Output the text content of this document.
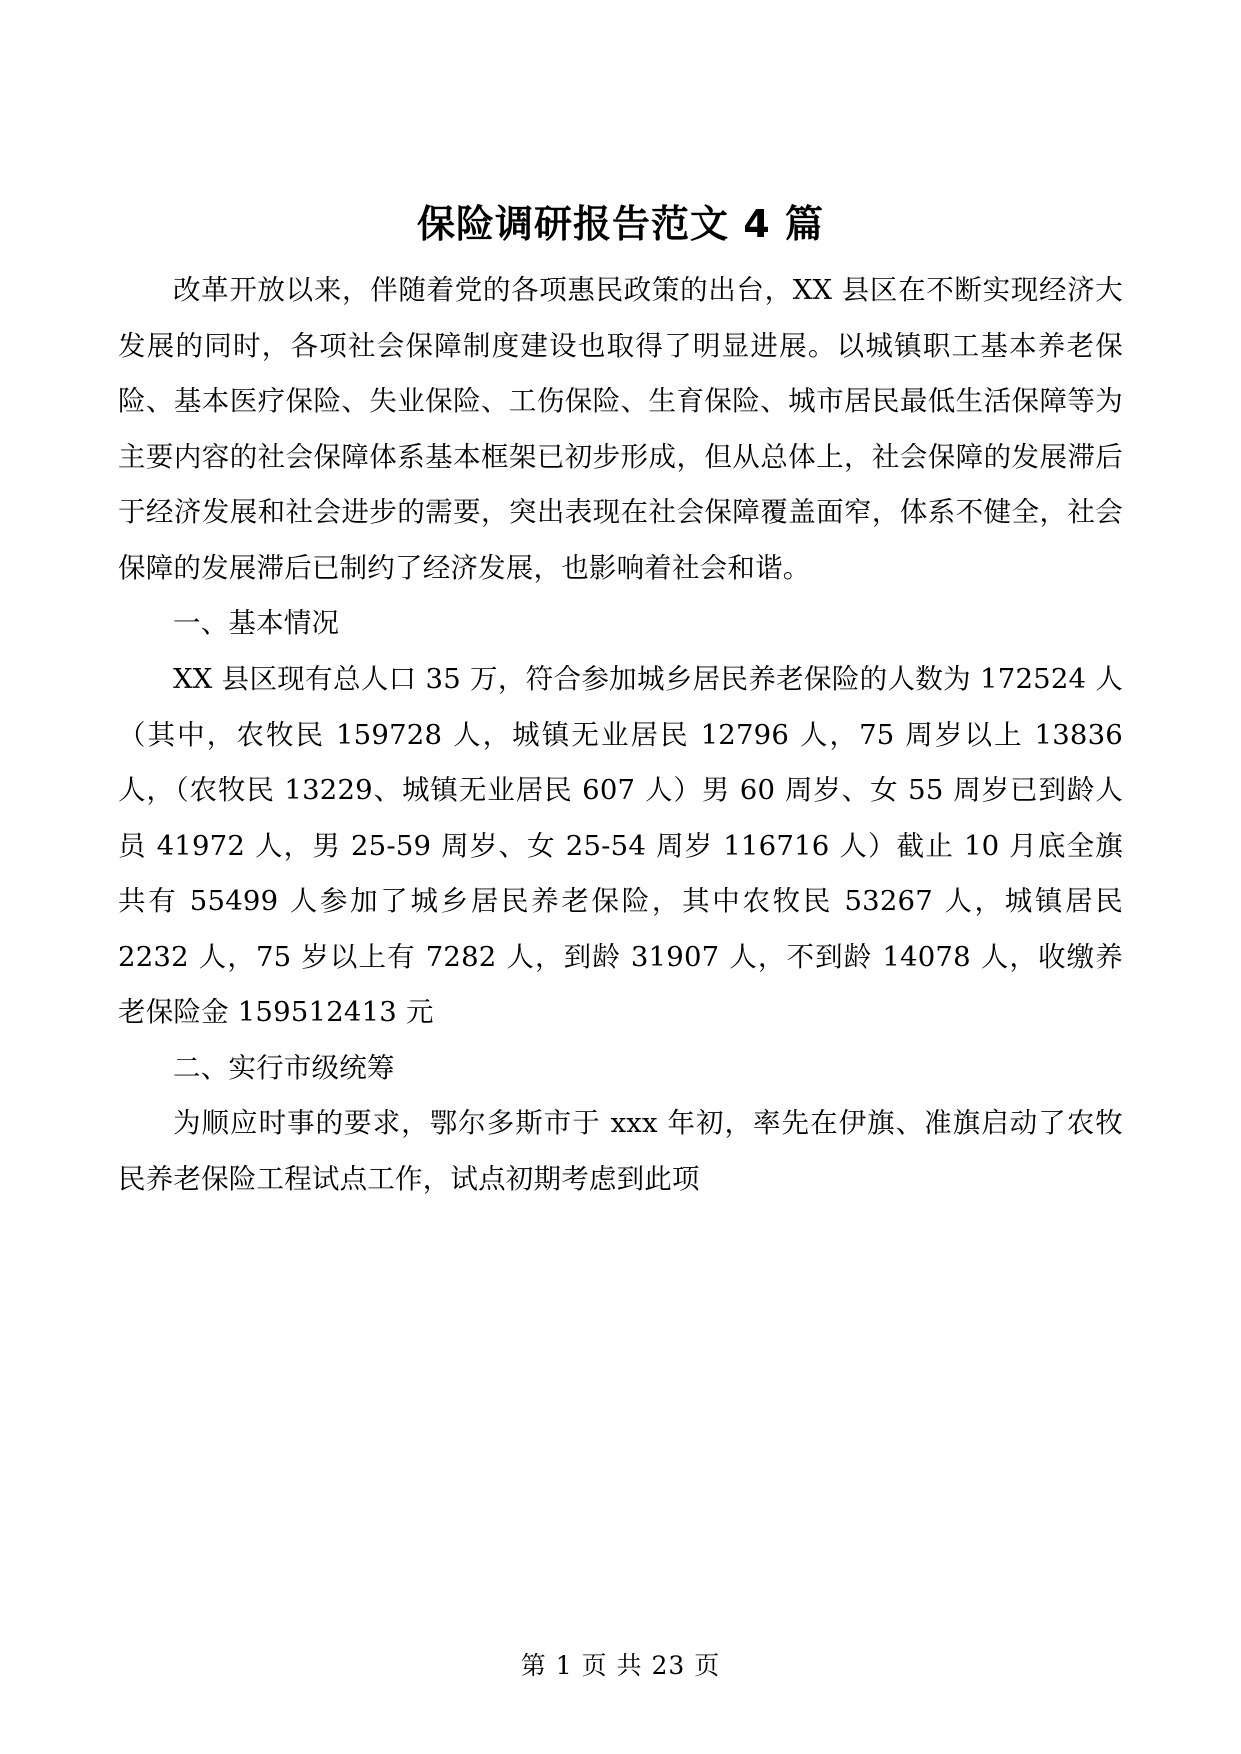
保险调研报告范文 4 篇

改革开放以来，伴随着党的各项惠民政策的出台，XX 县区在不断实现经济大发展的同时，各项社会保障制度建设也取得了明显进展。以城镇职工基本养老保险、基本医疗保险、失业保险、工伤保险、生育保险、城市居民最低生活保障等为主要内容的社会保障体系基本框架已初步形成，但从总体上，社会保障的发展滞后于经济发展和社会进步的需要，突出表现在社会保障覆盖面窄，体系不健全，社会保障的发展滞后已制约了经济发展，也影响着社会和谐。

一、基本情况

XX 县区现有总人口 35 万，符合参加城乡居民养老保险的人数为 172524 人（其中，农牧民 159728 人，城镇无业居民 12796 人，75 周岁以上 13836 人，（农牧民 13229、城镇无业居民 607 人）男 60 周岁、女 55 周岁已到龄人员 41972 人，男 25-59 周岁、女 25-54 周岁 116716 人）截止 10 月底全旗共有 55499 人参加了城乡居民养老保险，其中农牧民 53267 人，城镇居民 2232 人，75 岁以上有 7282 人，到龄 31907 人，不到龄 14078 人，收缴养老保险金 159512413 元

二、实行市级统筹

为顺应时事的要求，鄂尔多斯市于 xxx 年初，率先在伊旗、准旗启动了农牧民养老保险工程试点工作，试点初期考虑到此项

第 1 页 共 23 页
